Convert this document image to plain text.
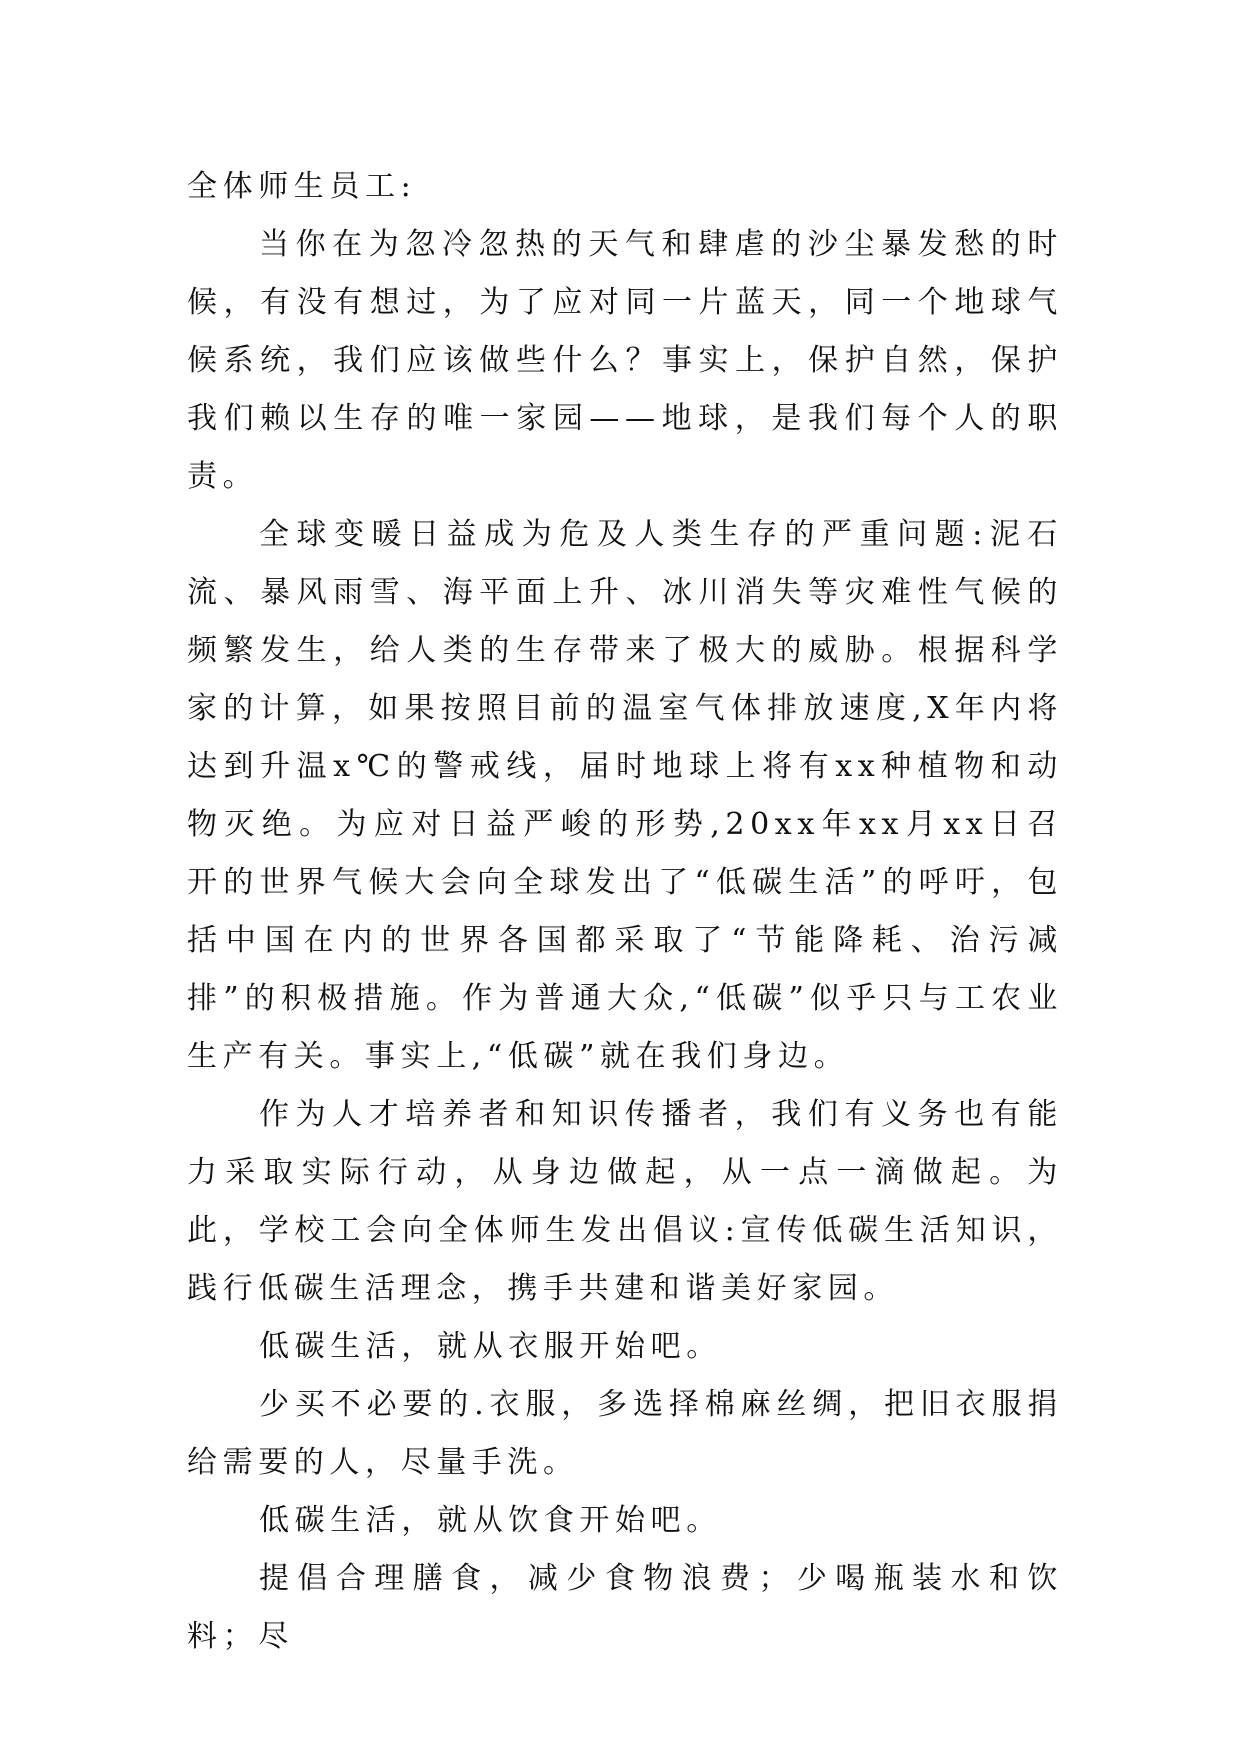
全体师生员工:

当你在为忽冷忽热的天气和肆虐的沙尘暴发愁的时候，有没有想过，为了应对同一片蓝天，同一个地球气候系统，我们应该做些什么？事实上，保护自然，保护我们赖以生存的唯一家园——地球，是我们每个人的职责。

全球变暖日益成为危及人类生存的严重问题:泥石流、暴风雨雪、海平面上升、冰川消失等灾难性气候的频繁发生，给人类的生存带来了极大的威胁。根据科学家的计算，如果按照目前的温室气体排放速度,X年内将达到升温x℃的警戒线，届时地球上将有xx种植物和动物灭绝。为应对日益严峻的形势,20xx年xx月xx日召开的世界气候大会向全球发出了“低碳生活”的呼吁，包括中国在内的世界各国都采取了“节能降耗、治污减排”的积极措施。作为普通大众,“低碳”似乎只与工农业生产有关。事实上,“低碳”就在我们身边。

作为人才培养者和知识传播者，我们有义务也有能力采取实际行动，从身边做起，从一点一滴做起。为此，学校工会向全体师生发出倡议:宣传低碳生活知识，践行低碳生活理念，携手共建和谐美好家园。

低碳生活，就从衣服开始吧。

少买不必要的.衣服，多选择棉麻丝绸，把旧衣服捐给需要的人，尽量手洗。

低碳生活，就从饮食开始吧。

提倡合理膳食，减少食物浪费；少喝瓶装水和饮料；尽
